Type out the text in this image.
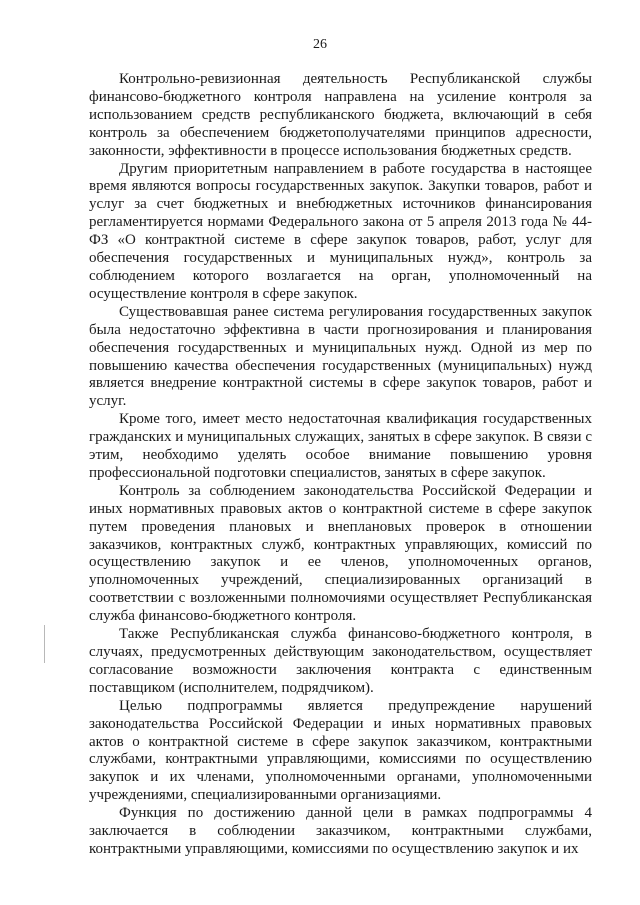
26

Контрольно-ревизионная деятельность Республиканской службы финансово-бюджетного контроля направлена на усиление контроля за использованием средств республиканского бюджета, включающий в себя контроль за обеспечением бюджетополучателями принципов адресности, законности, эффективности в процессе использования бюджетных средств.

Другим приоритетным направлением в работе государства в настоящее время являются вопросы государственных закупок. Закупки товаров, работ и услуг за счет бюджетных и внебюджетных источников финансирования регламентируется нормами Федерального закона от 5 апреля 2013 года № 44-ФЗ «О контрактной системе в сфере закупок товаров, работ, услуг для обеспечения государственных и муниципальных нужд», контроль за соблюдением которого возлагается на орган, уполномоченный на осуществление контроля в сфере закупок.

Существовавшая ранее система регулирования государственных закупок была недостаточно эффективна в части прогнозирования и планирования обеспечения государственных и муниципальных нужд. Одной из мер по повышению качества обеспечения государственных (муниципальных) нужд является внедрение контрактной системы в сфере закупок товаров, работ и услуг.

Кроме того, имеет место недостаточная квалификация государственных гражданских и муниципальных служащих, занятых в сфере закупок. В связи с этим, необходимо уделять особое внимание повышению уровня профессиональной подготовки специалистов, занятых в сфере закупок.

Контроль за соблюдением законодательства Российской Федерации и иных нормативных правовых актов о контрактной системе в сфере закупок путем проведения плановых и внеплановых проверок в отношении заказчиков, контрактных служб, контрактных управляющих, комиссий по осуществлению закупок и ее членов, уполномоченных органов, уполномоченных учреждений, специализированных организаций в соответствии с возложенными полномочиями осуществляет Республиканская служба финансово-бюджетного контроля.

Также Республиканская служба финансово-бюджетного контроля, в случаях, предусмотренных действующим законодательством, осуществляет согласование возможности заключения контракта с единственным поставщиком (исполнителем, подрядчиком).

Целью подпрограммы является предупреждение нарушений законодательства Российской Федерации и иных нормативных правовых актов о контрактной системе в сфере закупок заказчиком, контрактными службами, контрактными управляющими, комиссиями по осуществлению закупок и их членами, уполномоченными органами, уполномоченными учреждениями, специализированными организациями.

Функция по достижению данной цели в рамках подпрограммы 4 заключается в соблюдении заказчиком, контрактными службами, контрактными управляющими, комиссиями по осуществлению закупок и их
